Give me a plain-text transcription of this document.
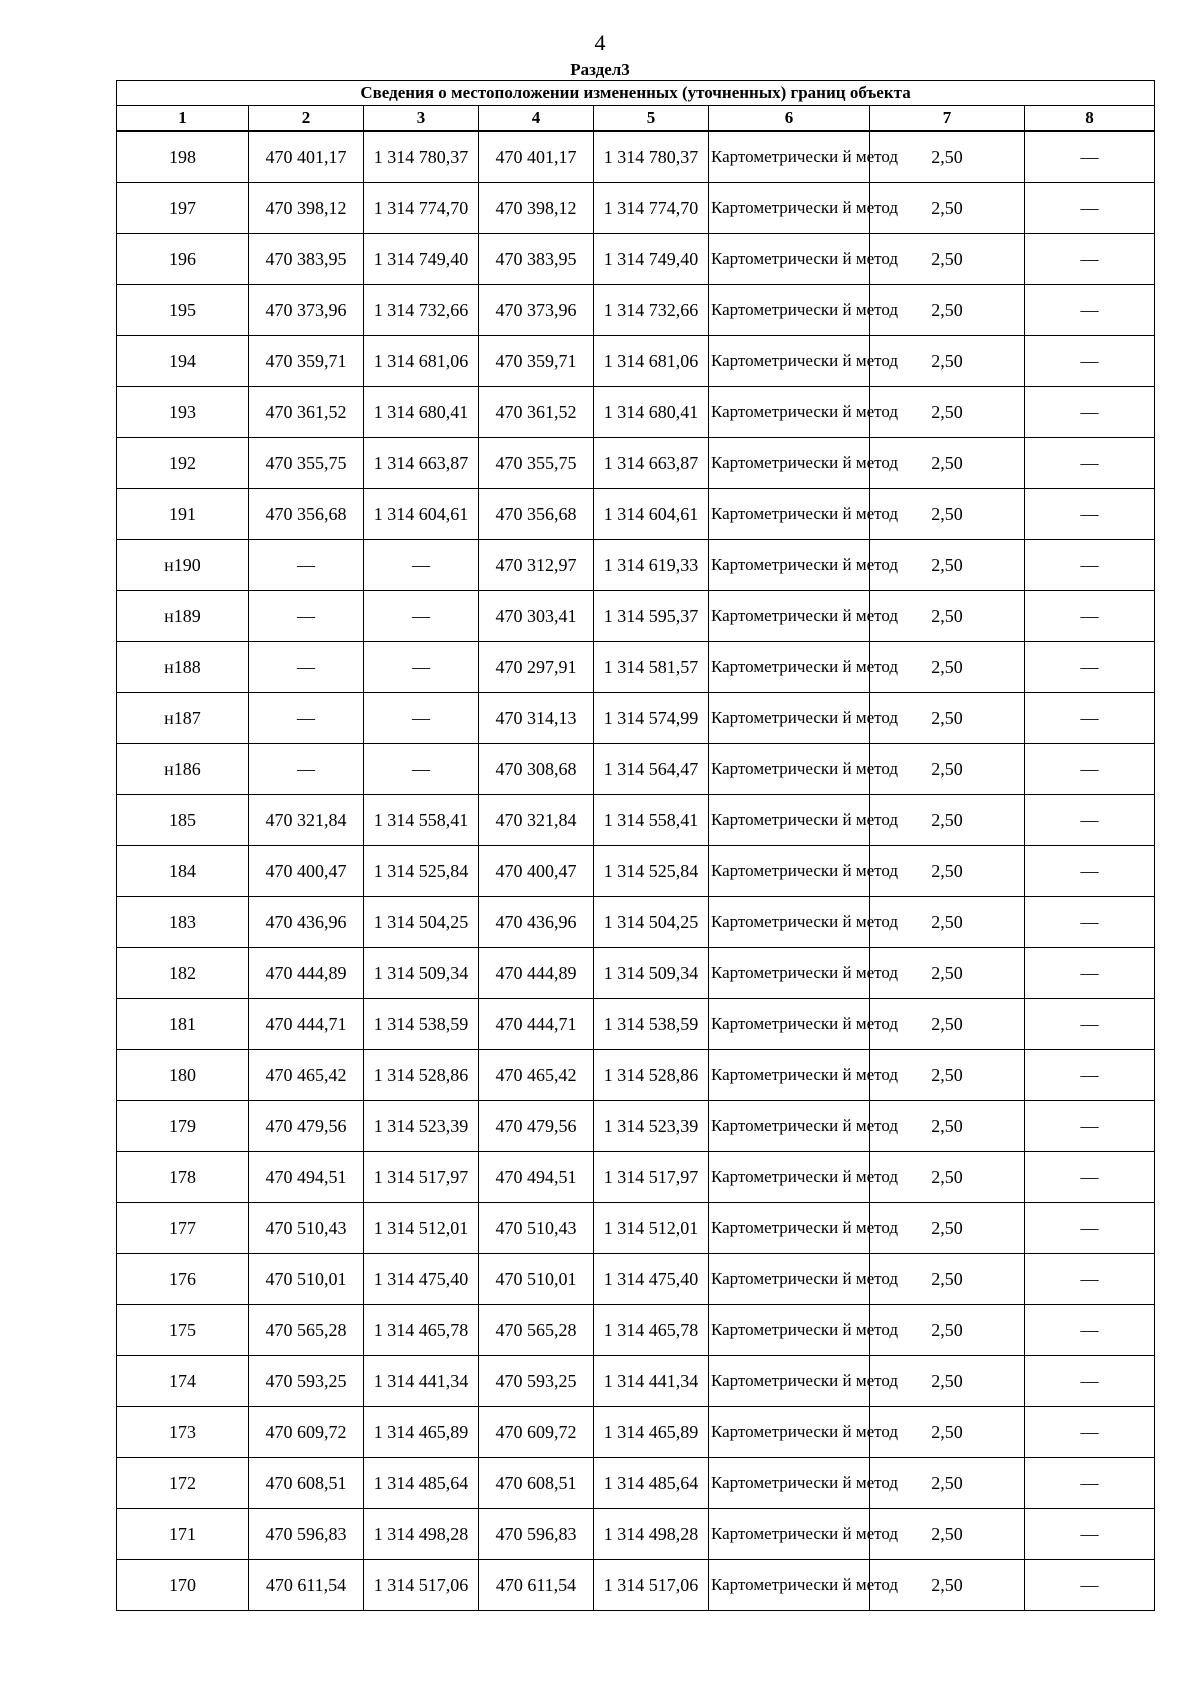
4
Раздел3
Сведения о местоположении измененных (уточненных) границ объекта							
1	2	3	4	5	6	7	8
198	470 401,17	1 314 780,37	470 401,17	1 314 780,37	Картометрически й метод	2,50	—
197	470 398,12	1 314 774,70	470 398,12	1 314 774,70	Картометрически й метод	2,50	—
196	470 383,95	1 314 749,40	470 383,95	1 314 749,40	Картометрически й метод	2,50	—
195	470 373,96	1 314 732,66	470 373,96	1 314 732,66	Картометрически й метод	2,50	—
194	470 359,71	1 314 681,06	470 359,71	1 314 681,06	Картометрически й метод	2,50	—
193	470 361,52	1 314 680,41	470 361,52	1 314 680,41	Картометрически й метод	2,50	—
192	470 355,75	1 314 663,87	470 355,75	1 314 663,87	Картометрически й метод	2,50	—
191	470 356,68	1 314 604,61	470 356,68	1 314 604,61	Картометрически й метод	2,50	—
н190	—	—	470 312,97	1 314 619,33	Картометрически й метод	2,50	—
н189	—	—	470 303,41	1 314 595,37	Картометрически й метод	2,50	—
н188	—	—	470 297,91	1 314 581,57	Картометрически й метод	2,50	—
н187	—	—	470 314,13	1 314 574,99	Картометрически й метод	2,50	—
н186	—	—	470 308,68	1 314 564,47	Картометрически й метод	2,50	—
185	470 321,84	1 314 558,41	470 321,84	1 314 558,41	Картометрически й метод	2,50	—
184	470 400,47	1 314 525,84	470 400,47	1 314 525,84	Картометрически й метод	2,50	—
183	470 436,96	1 314 504,25	470 436,96	1 314 504,25	Картометрически й метод	2,50	—
182	470 444,89	1 314 509,34	470 444,89	1 314 509,34	Картометрически й метод	2,50	—
181	470 444,71	1 314 538,59	470 444,71	1 314 538,59	Картометрически й метод	2,50	—
180	470 465,42	1 314 528,86	470 465,42	1 314 528,86	Картометрически й метод	2,50	—
179	470 479,56	1 314 523,39	470 479,56	1 314 523,39	Картометрически й метод	2,50	—
178	470 494,51	1 314 517,97	470 494,51	1 314 517,97	Картометрически й метод	2,50	—
177	470 510,43	1 314 512,01	470 510,43	1 314 512,01	Картометрически й метод	2,50	—
176	470 510,01	1 314 475,40	470 510,01	1 314 475,40	Картометрически й метод	2,50	—
175	470 565,28	1 314 465,78	470 565,28	1 314 465,78	Картометрически й метод	2,50	—
174	470 593,25	1 314 441,34	470 593,25	1 314 441,34	Картометрически й метод	2,50	—
173	470 609,72	1 314 465,89	470 609,72	1 314 465,89	Картометрически й метод	2,50	—
172	470 608,51	1 314 485,64	470 608,51	1 314 485,64	Картометрически й метод	2,50	—
171	470 596,83	1 314 498,28	470 596,83	1 314 498,28	Картометрически й метод	2,50	—
170	470 611,54	1 314 517,06	470 611,54	1 314 517,06	Картометрически й метод	2,50	—
